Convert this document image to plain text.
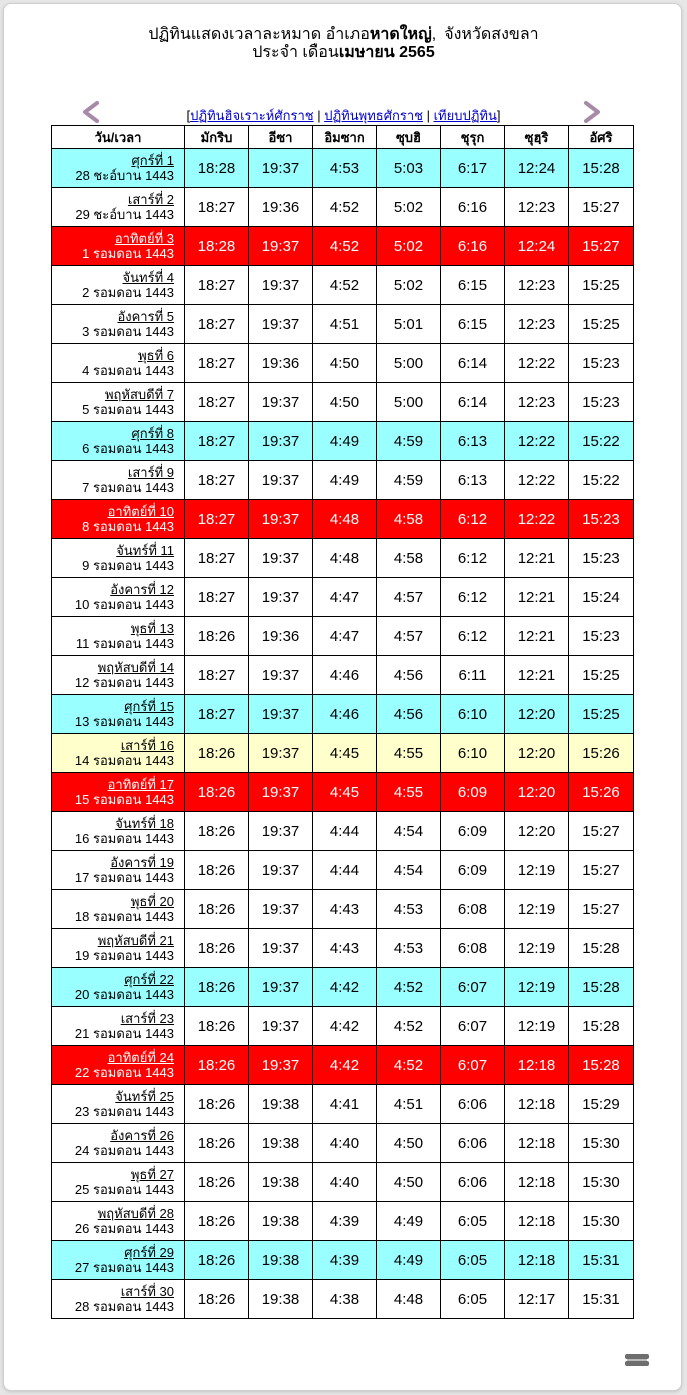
ปฏิทินแสดงเวลาละหมาด อำเภอหาดใหญ่, จังหวัดสงขลา
ประจำ เดือนเมษายน 2565
[ปฏิทินฮิจเราะห์ศักราช | ปฏิทินพุทธศักราช | เทียบปฏิทิน]
วัน/เวลา	มักริบ	อีซา	อิมซาก	ซุบฮิ	ชุรุก	ซุฮฺริ	อัศริ

ศุกร์ที่ 1
28 ชะอ์บาน 1443	18:28	19:37	4:53	5:03	6:17	12:24	15:28

เสาร์ที่ 2
29 ชะอ์บาน 1443	18:27	19:36	4:52	5:02	6:16	12:23	15:27

อาทิตย์ที่ 3
1 รอมดอน 1443	18:28	19:37	4:52	5:02	6:16	12:24	15:27

จันทร์ที่ 4
2 รอมดอน 1443	18:27	19:37	4:52	5:02	6:15	12:23	15:25

อังคารที่ 5
3 รอมดอน 1443	18:27	19:37	4:51	5:01	6:15	12:23	15:25

พุธที่ 6
4 รอมดอน 1443	18:27	19:36	4:50	5:00	6:14	12:22	15:23

พฤหัสบดีที่ 7
5 รอมดอน 1443	18:27	19:37	4:50	5:00	6:14	12:23	15:23

ศุกร์ที่ 8
6 รอมดอน 1443	18:27	19:37	4:49	4:59	6:13	12:22	15:22

เสาร์ที่ 9
7 รอมดอน 1443	18:27	19:37	4:49	4:59	6:13	12:22	15:22

อาทิตย์ที่ 10
8 รอมดอน 1443	18:27	19:37	4:48	4:58	6:12	12:22	15:23

จันทร์ที่ 11
9 รอมดอน 1443	18:27	19:37	4:48	4:58	6:12	12:21	15:23

อังคารที่ 12
10 รอมดอน 1443	18:27	19:37	4:47	4:57	6:12	12:21	15:24

พุธที่ 13
11 รอมดอน 1443	18:26	19:36	4:47	4:57	6:12	12:21	15:23

พฤหัสบดีที่ 14
12 รอมดอน 1443	18:27	19:37	4:46	4:56	6:11	12:21	15:25

ศุกร์ที่ 15
13 รอมดอน 1443	18:27	19:37	4:46	4:56	6:10	12:20	15:25

เสาร์ที่ 16
14 รอมดอน 1443	18:26	19:37	4:45	4:55	6:10	12:20	15:26

อาทิตย์ที่ 17
15 รอมดอน 1443	18:26	19:37	4:45	4:55	6:09	12:20	15:26

จันทร์ที่ 18
16 รอมดอน 1443	18:26	19:37	4:44	4:54	6:09	12:20	15:27

อังคารที่ 19
17 รอมดอน 1443	18:26	19:37	4:44	4:54	6:09	12:19	15:27

พุธที่ 20
18 รอมดอน 1443	18:26	19:37	4:43	4:53	6:08	12:19	15:27

พฤหัสบดีที่ 21
19 รอมดอน 1443	18:26	19:37	4:43	4:53	6:08	12:19	15:28

ศุกร์ที่ 22
20 รอมดอน 1443	18:26	19:37	4:42	4:52	6:07	12:19	15:28

เสาร์ที่ 23
21 รอมดอน 1443	18:26	19:37	4:42	4:52	6:07	12:19	15:28

อาทิตย์ที่ 24
22 รอมดอน 1443	18:26	19:37	4:42	4:52	6:07	12:18	15:28

จันทร์ที่ 25
23 รอมดอน 1443	18:26	19:38	4:41	4:51	6:06	12:18	15:29

อังคารที่ 26
24 รอมดอน 1443	18:26	19:38	4:40	4:50	6:06	12:18	15:30

พุธที่ 27
25 รอมดอน 1443	18:26	19:38	4:40	4:50	6:06	12:18	15:30

พฤหัสบดีที่ 28
26 รอมดอน 1443	18:26	19:38	4:39	4:49	6:05	12:18	15:30

ศุกร์ที่ 29
27 รอมดอน 1443	18:26	19:38	4:39	4:49	6:05	12:18	15:31

เสาร์ที่ 30
28 รอมดอน 1443	18:26	19:38	4:38	4:48	6:05	12:17	15:31
